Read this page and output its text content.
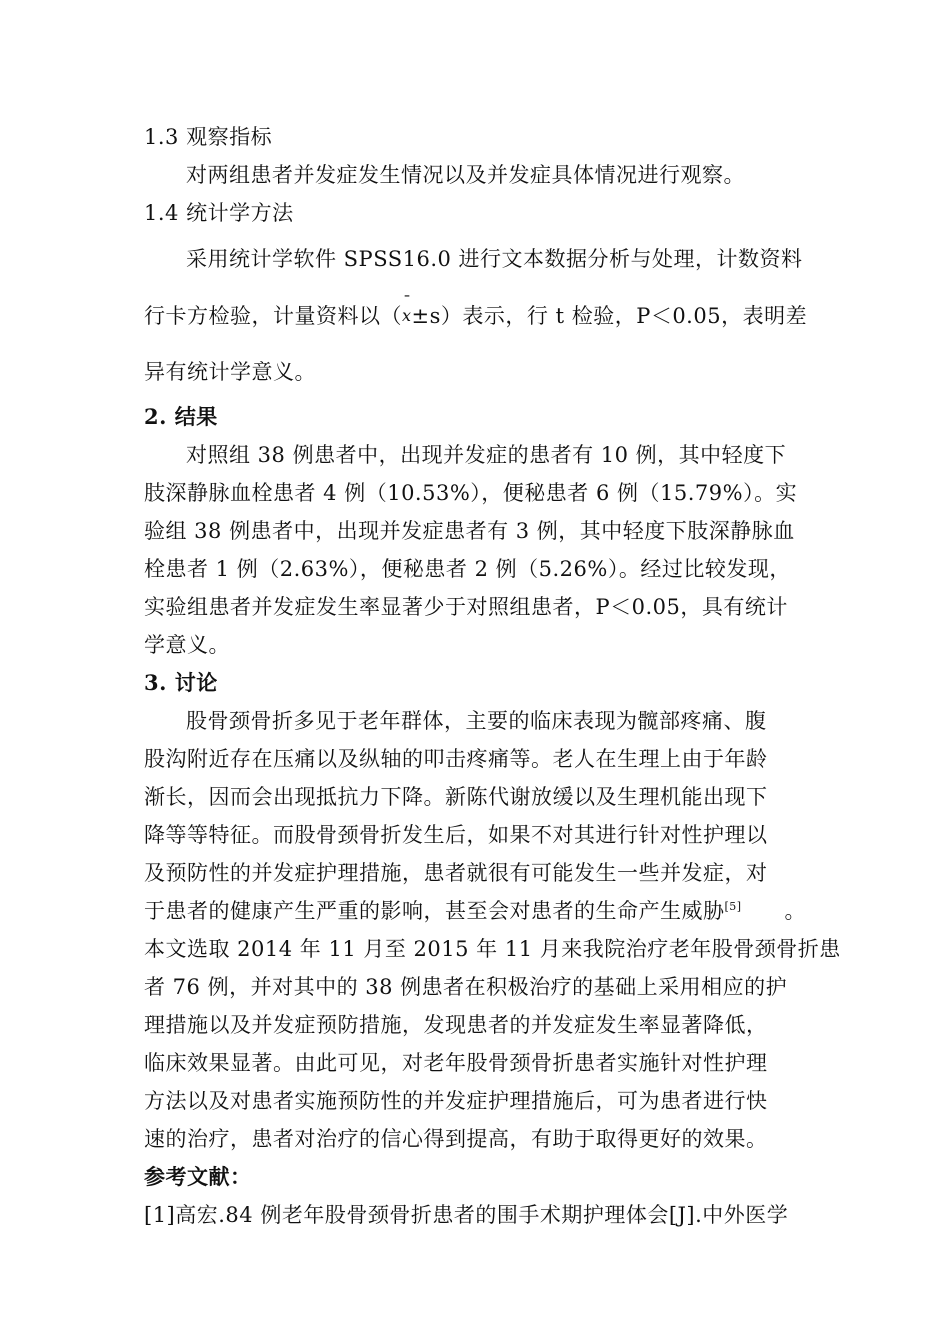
1.3 观察指标
对两组患者并发症发生情况以及并发症具体情况进行观察。
1.4 统计学方法
采用统计学软件 SPSS16.0 进行文本数据分析与处理，计数资料
行卡方检验，计量资料以（
¯ x ±s）表示，行 t 检验，P＜0.05，表明差
异有统计学意义。
2. 结果
对照组 38 例患者中，出现并发症的患者有 10 例，其中轻度下
肢深静脉血栓患者 4 例（10.53%），便秘患者 6 例（15.79%）。实
验组 38 例患者中，出现并发症患者有 3 例，其中轻度下肢深静脉血
栓患者 1 例（2.63%），便秘患者 2 例（5.26%）。经过比较发现，
实验组患者并发症发生率显著少于对照组患者，P＜0.05，具有统计
学意义。
3. 讨论
股骨颈骨折多见于老年群体，主要的临床表现为髋部疼痛、腹
股沟附近存在压痛以及纵轴的叩击疼痛等。老人在生理上由于年龄
渐长，因而会出现抵抗力下降。新陈代谢放缓以及生理机能出现下
降等等特征。而股骨颈骨折发生后，如果不对其进行针对性护理以
及预防性的并发症护理措施，患者就很有可能发生一些并发症，对
于患者的健康产生严重的影响，甚至会对患者的生命产生威胁[5] 。
本文选取 2014 年 11 月至 2015 年 11 月来我院治疗老年股骨颈骨折患
者 76 例，并对其中的 38 例患者在积极治疗的基础上采用相应的护
理措施以及并发症预防措施，发现患者的并发症发生率显著降低，
临床效果显著。由此可见，对老年股骨颈骨折患者实施针对性护理
方法以及对患者实施预防性的并发症护理措施后，可为患者进行快
速的治疗，患者对治疗的信心得到提高，有助于取得更好的效果。
参考文献：
[1]高宏.84 例老年股骨颈骨折患者的围手术期护理体会[J].中外医学
